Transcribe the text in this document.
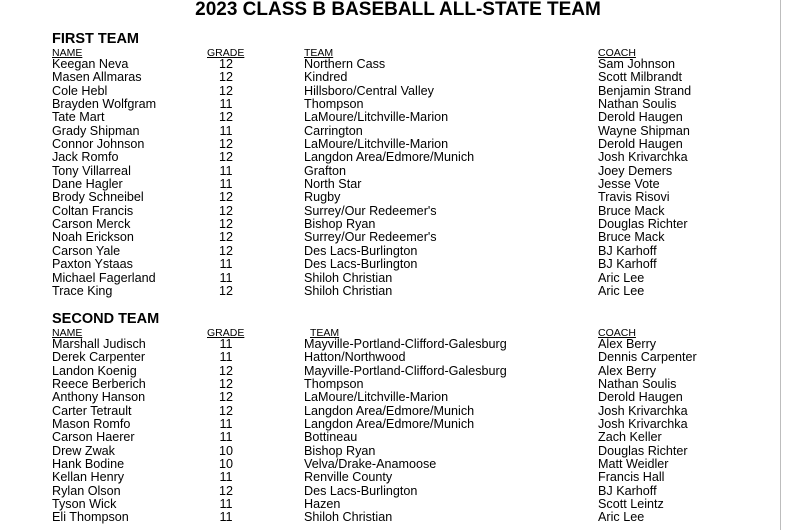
2023 CLASS B BASEBALL ALL-STATE TEAM
FIRST TEAM
NAME	GRADE	TEAM	COACH
Keegan Neva	12	Northern Cass	Sam Johnson
Masen Allmaras	12	Kindred	Scott Milbrandt
Cole Hebl	12	Hillsboro/Central Valley	Benjamin Strand
Brayden Wolfgram	11	Thompson	Nathan Soulis
Tate Mart	12	LaMoure/Litchville-Marion	Derold Haugen
Grady Shipman	11	Carrington	Wayne Shipman
Connor Johnson	12	LaMoure/Litchville-Marion	Derold Haugen
Jack Romfo	12	Langdon Area/Edmore/Munich	Josh Krivarchka
Tony Villarreal	11	Grafton	Joey Demers
Dane Hagler	11	North Star	Jesse Vote
Brody Schneibel	12	Rugby	Travis Risovi
Coltan Francis	12	Surrey/Our Redeemer's	Bruce Mack
Carson Merck	12	Bishop Ryan	Douglas Richter
Noah Erickson	12	Surrey/Our Redeemer's	Bruce Mack
Carson Yale	12	Des Lacs-Burlington	BJ Karhoff
Paxton Ystaas	11	Des Lacs-Burlington	BJ Karhoff
Michael Fagerland	11	Shiloh Christian	Aric Lee
Trace King	12	Shiloh Christian	Aric Lee
SECOND TEAM
NAME	GRADE	TEAM	COACH
Marshall Judisch	11	Mayville-Portland-Clifford-Galesburg	Alex Berry
Derek Carpenter	11	Hatton/Northwood	Dennis Carpenter
Landon Koenig	12	Mayville-Portland-Clifford-Galesburg	Alex Berry
Reece Berberich	12	Thompson	Nathan Soulis
Anthony Hanson	12	LaMoure/Litchville-Marion	Derold Haugen
Carter Tetrault	12	Langdon Area/Edmore/Munich	Josh Krivarchka
Mason Romfo	11	Langdon Area/Edmore/Munich	Josh Krivarchka
Carson Haerer	11	Bottineau	Zach Keller
Drew Zwak	10	Bishop Ryan	Douglas Richter
Hank Bodine	10	Velva/Drake-Anamoose	Matt Weidler
Kellan Henry	11	Renville County	Francis Hall
Rylan Olson	12	Des Lacs-Burlington	BJ Karhoff
Tyson Wick	11	Hazen	Scott Leintz
Eli Thompson	11	Shiloh Christian	Aric Lee
